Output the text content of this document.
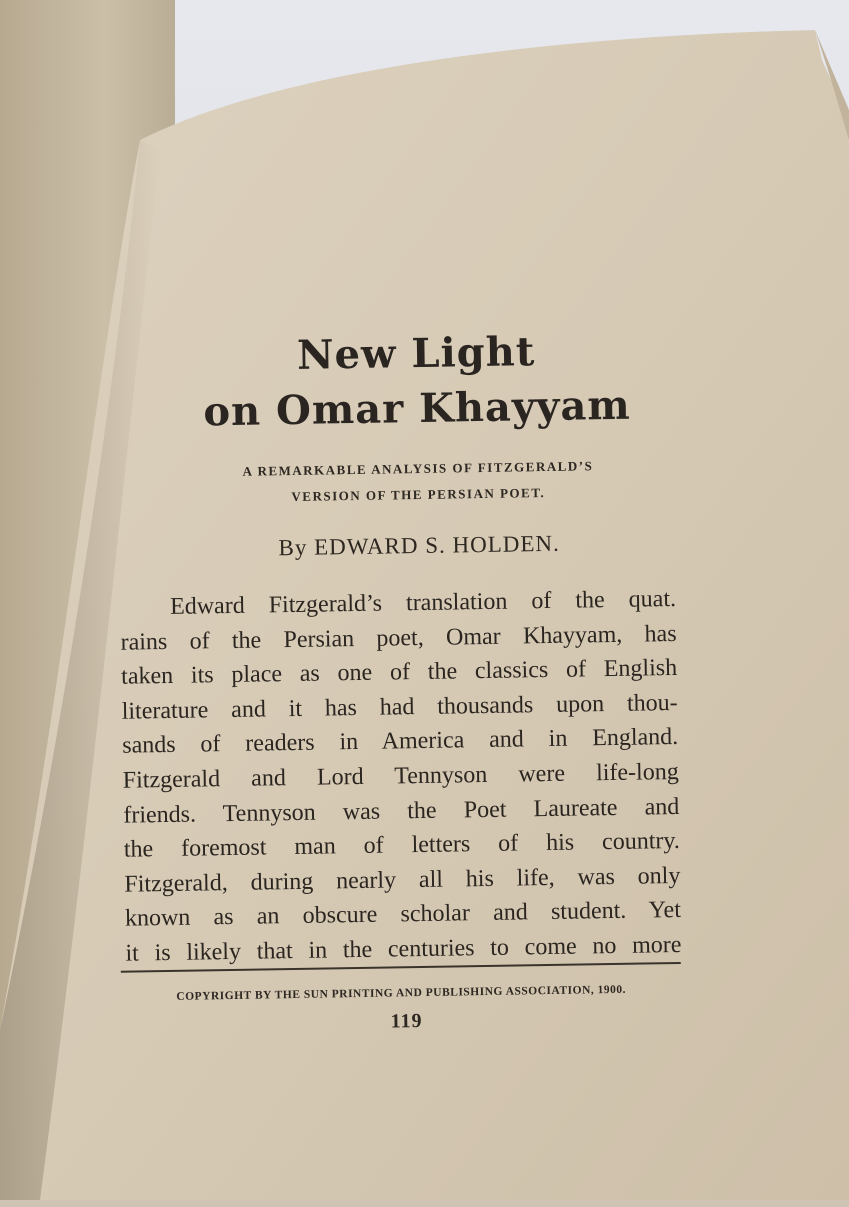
New Light
on Omar Khayyam
A REMARKABLE ANALYSIS OF FITZGERALD’S
VERSION OF THE PERSIAN POET.
By EDWARD S. HOLDEN.
Edward Fitzgerald’s translation of the quat.
rains of the Persian poet, Omar Khayyam, has
taken its place as one of the classics of English
literature and it has had thousands upon thou-
sands of readers in America and in England.
Fitzgerald and Lord Tennyson were life-long
friends. Tennyson was the Poet Laureate and
the foremost man of letters of his country.
Fitzgerald, during nearly all his life, was only
known as an obscure scholar and student. Yet
it is likely that in the centuries to come no more
COPYRIGHT BY THE SUN PRINTING AND PUBLISHING ASSOCIATION, 1900.
119
